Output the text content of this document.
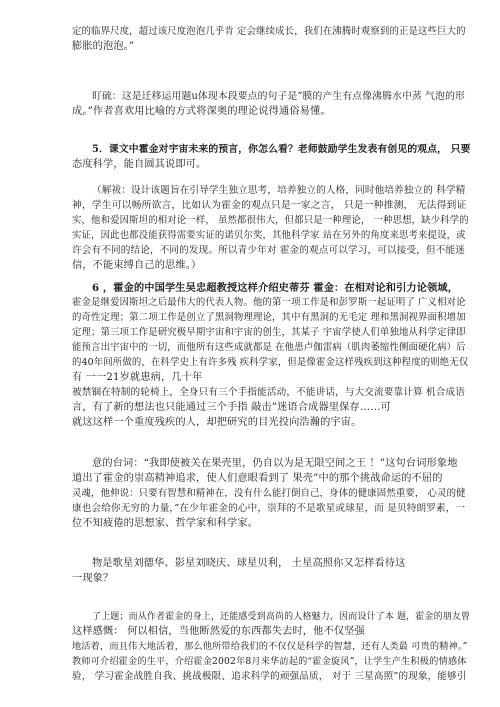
定的临界尺度，超过该尺度泡泡几乎肯 定会继续成长，我们在沸腾时观察到的正是这些巨大的
膨胀的泡泡。”
盯硫：这是迁移运用题u体现本段要点的句子是“膜的产生有点像沸腾水中蒸 气泡的形
成。”作者喜欢用比喻的方式将深奥的理论说得通俗易懂。
5．课文中霍金对宇宙未来的预言，你怎么看？老师鼓励学生发表有创见的观点， 只要
态度科学，能自圆其说即可。
（解祓：设计该题旨在引导学生独立思考，培养独立的人格，同时他培养独立的 科学精
神，学生可以畅所欲言，比如认为霍金的观点只是一家之言， 只是一种推测， 无法得到证
实，他和爱因斯坦的相对论一样， 虽然都很伟大，但都只是一种理论， 一种思想，缺少科学的
实证，因此也都没能获得需要实证的诺贝尔奖，其他科学家 站在另外的角度来思考来提设，或
许会有不同的结论，不同的发现。所以青少年对 霍金的观点可以学习，可以接受，但不能迷
信，不能束缚自己的思维。）
6 ，霍金的中国学生吴忠超教授这样介绍史蒂芬 霍金：在相对论和引力论领域，
霍金是继爱因斯坦之后最伟大的代表人物。他的第一项工作是和彭罗斯一起证明了 广义相对论
的奇性定理；第二项工作是创立了黑洞物理理论，其中有黑洞的无毛定 理和黑洞视界面积增加
定理；第三项工作是研究极早期宇宙和宇宙的创生，其某子 宇宙学使人们单独地从科学定律即
能预言出宇宙中的一切，而他所有这些成就都是 在他患卢伽雷病（肌肉萎缩性侧面硬化病）后
的40年间所做的，在科学史上有许多残 疾科学家，但是像霍金这样残疾到这种程度的则绝无仅
有 一一21岁就患病，几十年
被禁锢在特制的轮椅上，全身只有三个手指能活动，不能讲话，与大交流要靠计算 机合成语
言，有了新的想法也只能通过三个手指 敲击”迷语合成器里保存……可
就这这样一个重度残疾的人，却把研究的目光投向浩瀚的宇宙。
意的台词：“我即使被关在果壳里，仍自以为是无限空间之王 ！”这句台词形象地
道出了霍金的崇高精神追求，使人们意眼看到了 果壳”中的那个挑战命运的不屈的
灵魂，他伸说：只要有智慧和精神在，没有什么能打倒自己，身体的健康固然重要， 心灵的健
康也会给你无穷的力量，”在少年霍金的心中，崇拜的不是歌星或球星，而 是贝特朗罗素，一
位不知疲倦的思想家、哲学家和科学家。
物是歌星刘德华、影星刘晓庆、球星贝利， 土星高照你又怎样看待这
一现象？
了上题；而从作者霍金的身上，还能感受到高尚的人格魅力，因而设计了本 题，霍金的朋友曾
这样感慨： 何以相信，当他断然爱的东西都失去时，他不仅坚强
地活着，而且伟大地活着，那么他所带给我们的不仅仅是科学的智慧，还有人类最 可贵的精神。”
教师可介绍霍金的生平，介绍霍金2002年8月来华訪起的“霍金旋风”，让学生产生积极的情感体
验， 学习霍金战胜自我、挑战极限、追求科学的顽强品质， 对于 三星高照”的现象，能够引
